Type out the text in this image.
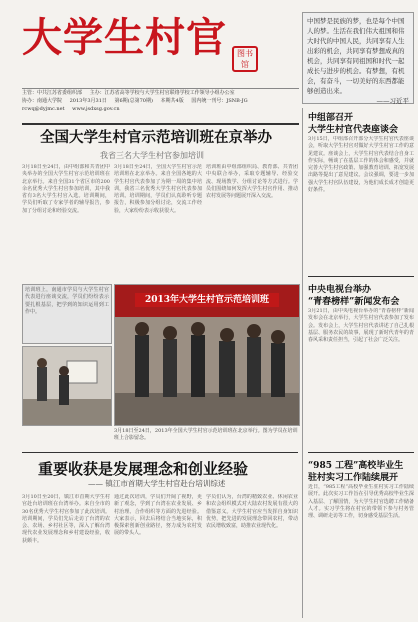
大学生村官	图书馆
中国梦是民族的梦，也是每个中国人的梦。生活在我们伟大祖国和伟大时代的中国人民，共同享有人生出彩的机会，共同享有梦想成真的机会，共同享有同祖国和时代一起成长与进步的机会。有梦想，有机会，有奋斗，一切美好的东西都能够创造出来。
——习近平
主管：中共江苏省委组织部 主办：江苏省高等学校与大学生村官联络学校工作领导小组办公室
协办：南通大学院 2013年3月31日 第6期(总第70期) 本期共4版 国内统一刊号：JSNB-JG
rcwq@dyjmc.net www.jsdxsg.gov.cn
全国大学生村官示范培训班在京举办
我省三名大学生村官参加培训
3月18日至24日，由中组部和共青团中央举办的全国大学生村官示范培训班在北京举行。来自全国31个省区市的200余名优秀大学生村官参加培训，其中我省有3名大学生村官入选。培训期间，学员们听取了专家学者的辅导报告，参加了分组讨论和经验交流。
3月18日至24日，全国大学生村官示范培训班在北京举办。来自全国各地的大学生村官代表参加了为期一周的集中培训，我省三名优秀大学生村官代表参加培训。培训期间，学员们认真聆听专题报告，积极参加分组讨论，交流工作经验，大家纷纷表示收获很大。
培训班由中组部组织局、教育部、共青团中央联合举办，采取专题辅导、经验交流、现场教学、分组讨论等方式进行。学员们围绕如何发挥大学生村官作用、推动农村发展等问题展开深入交流。
培训班上，南通市学员与大学生村官代表进行座谈交流，学员们纷纷表示要扎根基层，把学到的知识运用到工作中。
2013年大学生村官示范培训班
3月18日至24日，2013年全国大学生村官示范培训班在北京举行。图为学员在培训班上合影留念。
重要收获是发展理念和创业经验
—— 镇江市首期大学生村官赴台培训综述
3月10日至20日，镇江市首期大学生村官赴台培训班在台湾举办。来自全市的30名优秀大学生村官参加了此次培训。培训期间，学员们先后走访了台湾的农会、农场、乡村社区等，深入了解台湾现代农业发展理念和乡村建设经验，收获颇丰。
通过此次培训，学员们开阔了视野，更新了观念，学到了台湾在农业发展、乡村治理、合作组织等方面的先进经验。大家表示，回去后将结合当地实际，积极探索创新创业路径，努力成为农村发展的带头人。
学员们认为，台湾的精致农业、休闲农业和农会组织模式对大陆农村发展有很大的借鉴意义。大学生村官应当发挥自身知识优势，把先进的发展理念带回农村，带动农民增收致富，助推农业现代化。
中组部召开
大学生村官代表座谈会
3月15日，中组部召开部分大学生村官代表座谈会，听取大学生村官对做好大学生村官工作的意见建议。座谈会上，大学生村官代表结合自身工作实际，畅谈了在基层工作的体会和感受，并就完善大学生村官政策、加强教育培训、拓宽发展出路等提出了意见建议。会议强调，要进一步加强大学生村官队伍建设，为他们成长成才创造更好条件。
中央电视台举办
“青春榜样”新闻发布会
3月21日，由中央电视台举办的“青春榜样”新闻发布会在北京举行，大学生村官代表参加了发布会。发布会上，大学生村官代表讲述了自己扎根基层、服务农民的故事，展现了新时代青年的青春风采和责任担当，引起了社会广泛关注。
“985 工程”高校毕业生
驻村实习工作陆续展开
近日，“985工程”高校毕业生驻村实习工作陆续展开。此次实习工作旨在引导优秀高校毕业生深入基层、了解国情，为大学生村官选聘工作储备人才。实习学生将在村官的带领下参与村务管理、调研走访等工作，切身感受基层生活。
